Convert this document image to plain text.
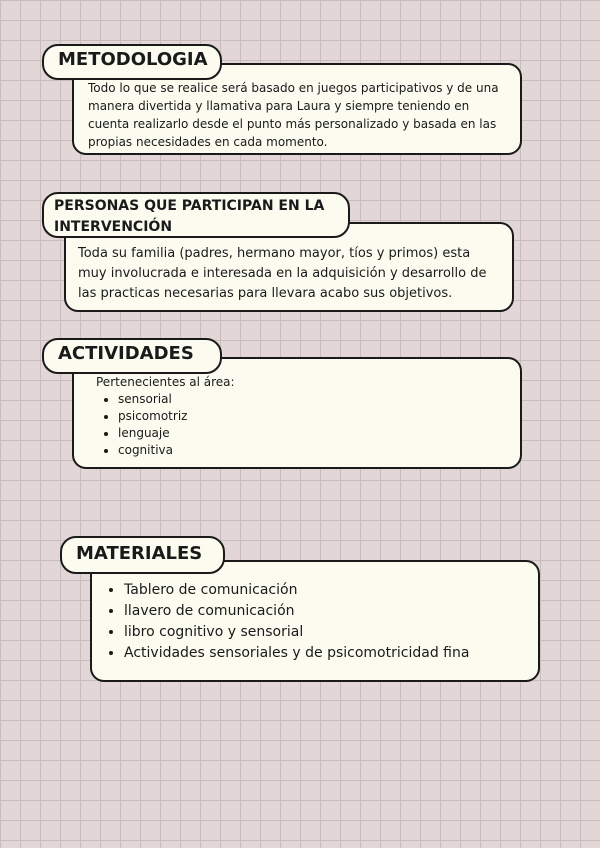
METODOLOGIA

Todo lo que se realice será basado en juegos participativos y de una manera divertida y llamativa para Laura y siempre teniendo en cuenta realizarlo desde el punto más personalizado y basada en las propias necesidades en cada momento.

PERSONAS QUE PARTICIPAN EN LA INTERVENCIÓN

Toda su familia (padres, hermano mayor, tíos y primos) esta muy involucrada e interesada en la adquisición y desarrollo de las practicas necesarias para llevara acabo sus objetivos.

ACTIVIDADES

Pertenecientes al área:

• sensorial
• psicomotriz
• lenguaje
• cognitiva
MATERIALES
• Tablero de comunicación
• llavero de comunicación
• libro cognitivo y sensorial
• Actividades sensoriales y de psicomotricidad fina
